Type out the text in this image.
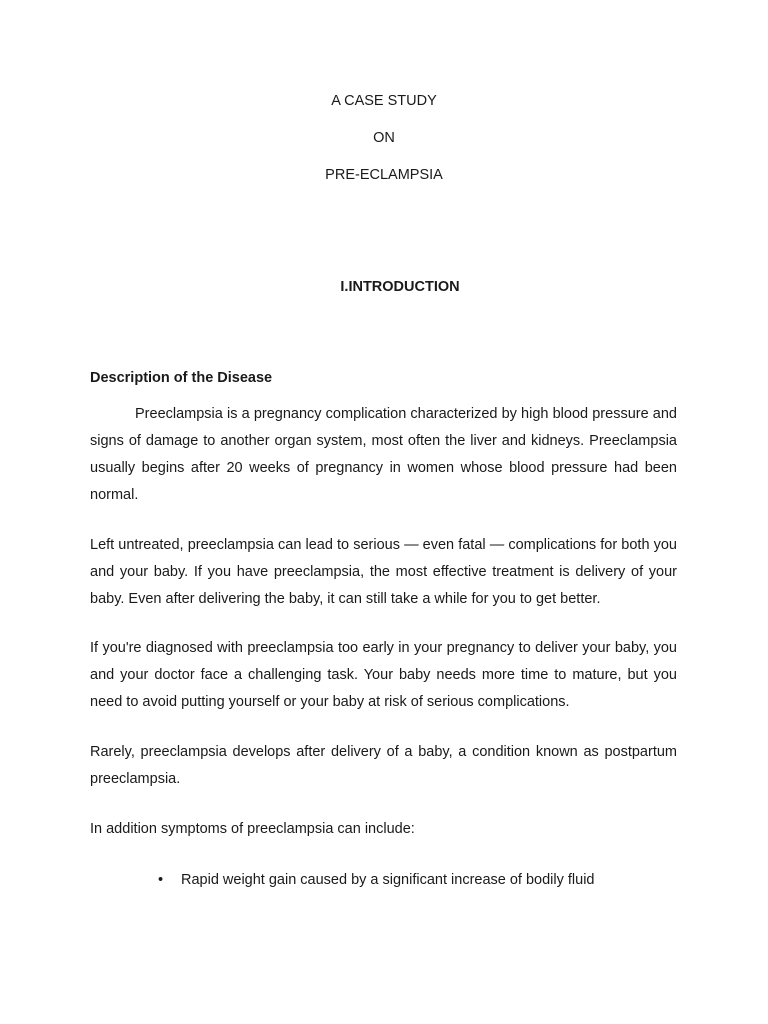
A CASE STUDY
ON
PRE-ECLAMPSIA
I.INTRODUCTION
Description of the Disease

Preeclampsia is a pregnancy complication characterized by high blood pressure and signs of damage to another organ system, most often the liver and kidneys. Preeclampsia usually begins after 20 weeks of pregnancy in women whose blood pressure had been normal.

Left untreated, preeclampsia can lead to serious — even fatal — complications for both you and your baby. If you have preeclampsia, the most effective treatment is delivery of your baby. Even after delivering the baby, it can still take a while for you to get better.

If you're diagnosed with preeclampsia too early in your pregnancy to deliver your baby, you and your doctor face a challenging task. Your baby needs more time to mature, but you need to avoid putting yourself or your baby at risk of serious complications.

Rarely, preeclampsia develops after delivery of a baby, a condition known as postpartum preeclampsia.

In addition symptoms of preeclampsia can include:

• Rapid weight gain caused by a significant increase of bodily fluid
